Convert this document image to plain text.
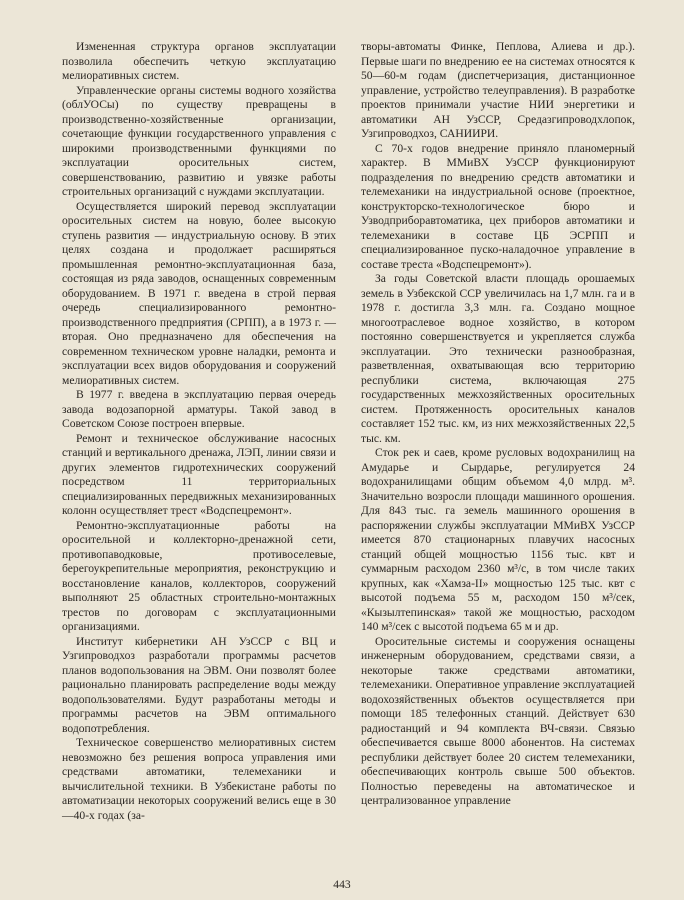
Измененная структура органов эксплуатации позволила обеспечить четкую эксплуатацию мелиоративных систем.

Управленческие органы системы водного хозяйства (облУОСы) по существу превращены в производственно-хозяйственные организации, сочетающие функции государственного управления с широкими производственными функциями по эксплуатации оросительных систем, совершенствованию, развитию и увязке работы строительных организаций с нуждами эксплуатации.

Осуществляется широкий перевод эксплуатации оросительных систем на новую, более высокую ступень развития — индустриальную основу. В этих целях создана и продолжает расширяться промышленная ремонтно-эксплуатационная база, состоящая из ряда заводов, оснащенных современным оборудованием. В 1971 г. введена в строй первая очередь специализированного ремонтно-производственного предприятия (СРПП), а в 1973 г. — вторая. Оно предназначено для обеспечения на современном техническом уровне наладки, ремонта и эксплуатации всех видов оборудования и сооружений мелиоративных систем.

В 1977 г. введена в эксплуатацию первая очередь завода водозапорной арматуры. Такой завод в Советском Союзе построен впервые.

Ремонт и техническое обслуживание насосных станций и вертикального дренажа, ЛЭП, линии связи и других элементов гидротехнических сооружений посредством 11 территориальных специализированных передвижных механизированных колонн осуществляет трест «Водспецремонт».

Ремонтно-эксплуатационные работы на оросительной и коллекторно-дренажной сети, противопаводковые, противоселевые, берегоукрепительные мероприятия, реконструкцию и восстановление каналов, коллекторов, сооружений выполняют 25 областных строительно-монтажных трестов по договорам с эксплуатационными организациями.

Институт кибернетики АН УзССР с ВЦ и Узгипроводхоз разработали программы расчетов планов водопользования на ЭВМ. Они позволят более рационально планировать распределение воды между водопользователями. Будут разработаны методы и программы расчетов на ЭВМ оптимального водопотребления.

Техническое совершенство мелиоративных систем невозможно без решения вопроса управления ими средствами автоматики, телемеханики и вычислительной техники. В Узбекистане работы по автоматизации некоторых сооружений велись еще в 30—40-х годах (за-

творы-автоматы Финке, Пеплова, Алиева и др.). Первые шаги по внедрению ее на системах относятся к 50—60-м годам (диспетчеризация, дистанционное управление, устройство телеуправления). В разработке проектов принимали участие НИИ энергетики и автоматики АН УзССР, Средазгипроводхлопок, Узгипроводхоз, САНИИРИ.

С 70-х годов внедрение приняло планомерный характер. В ММиВХ УзССР функционируют подразделения по внедрению средств автоматики и телемеханики на индустриальной основе (проектное, конструкторско-технологическое бюро и Узводприборавтоматика, цех приборов автоматики и телемеханики в составе ЦБ ЭСРПП и специализированное пуско-наладочное управление в составе треста «Водспецремонт»).

За годы Советской власти площадь орошаемых земель в Узбекской ССР увеличилась на 1,7 млн. га и в 1978 г. достигла 3,3 млн. га. Создано мощное многоотраслевое водное хозяйство, в котором постоянно совершенствуется и укрепляется служба эксплуатации. Это технически разнообразная, разветвленная, охватывающая всю территорию республики система, включающая 275 государственных межхозяйственных оросительных систем. Протяженность оросительных каналов составляет 152 тыс. км, из них межхозяйственных 22,5 тыс. км.

Сток рек и саев, кроме русловых водохранилищ на Амударье и Сырдарье, регулируется 24 водохранилищами общим объемом 4,0 млрд. м³. Значительно возросли площади машинного орошения. Для 843 тыс. га земель машинного орошения в распоряжении службы эксплуатации ММиВХ УзССР имеется 870 стационарных плавучих насосных станций общей мощностью 1156 тыс. квт и суммарным расходом 2360 м³/с, в том числе таких крупных, как «Хамза-II» мощностью 125 тыс. квт с высотой подъема 55 м, расходом 150 м³/сек, «Кызылтепинская» такой же мощностью, расходом 140 м³/сек с высотой подъема 65 м и др.

Оросительные системы и сооружения оснащены инженерным оборудованием, средствами связи, а некоторые также средствами автоматики, телемеханики. Оперативное управление эксплуатацией водохозяйственных объектов осуществляется при помощи 185 телефонных станций. Действует 630 радиостанций и 94 комплекта ВЧ-связи. Связью обеспечивается свыше 8000 абонентов. На системах республики действует более 20 систем телемеханики, обеспечивающих контроль свыше 500 объектов. Полностью переведены на автоматическое и централизованное управление

443
